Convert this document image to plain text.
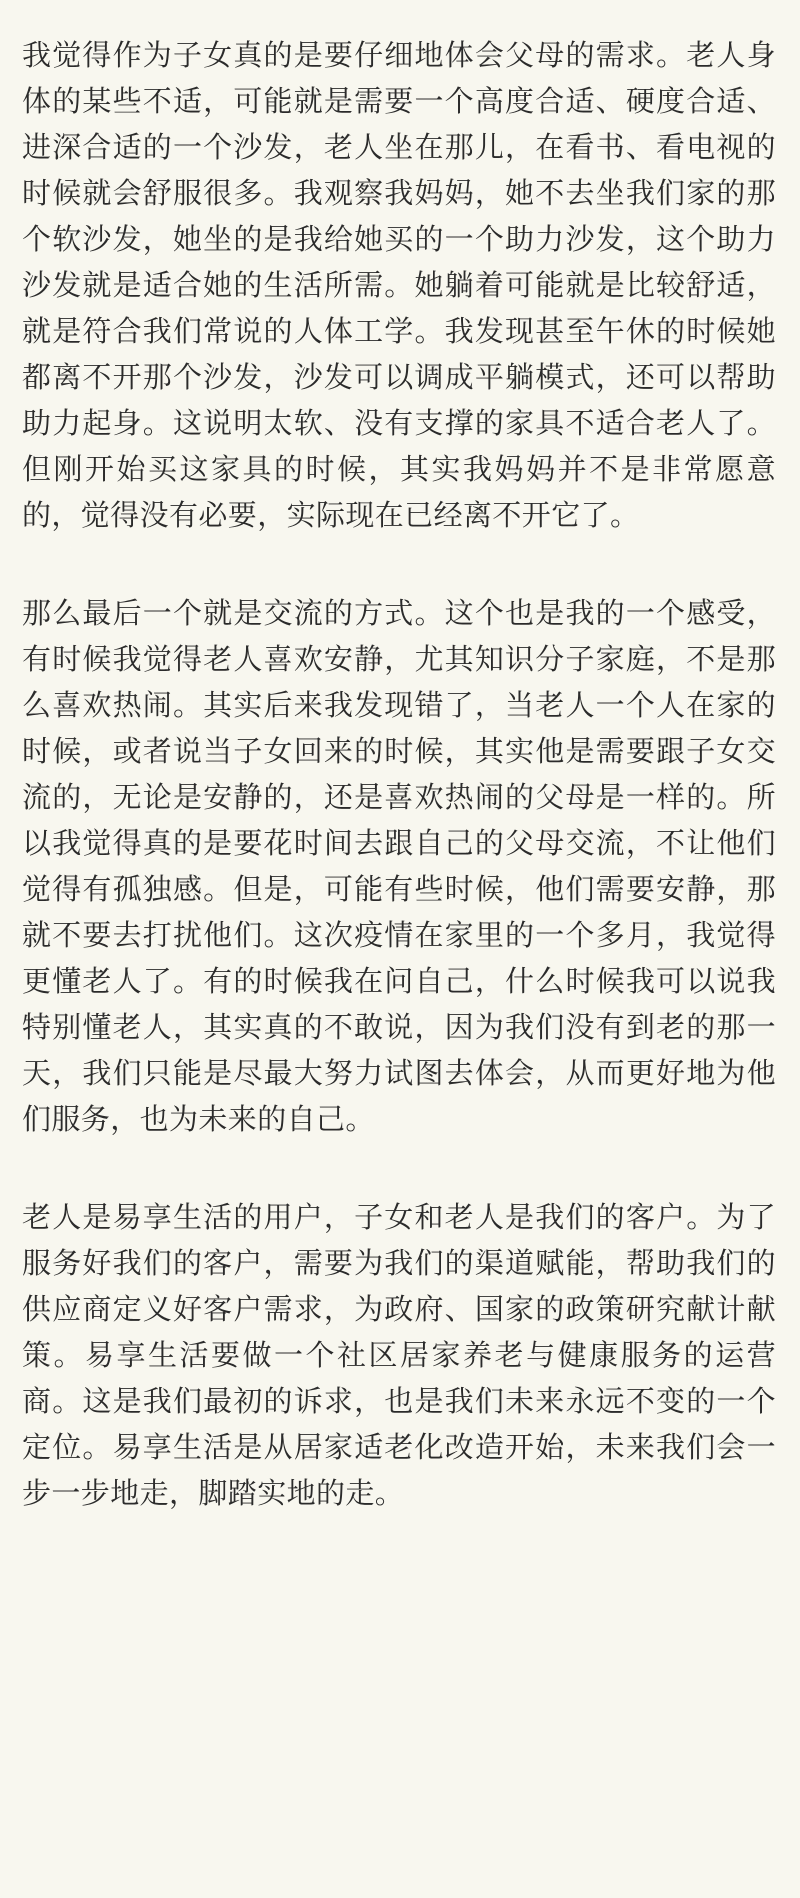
我觉得作为子女真的是要仔细地体会父母的需求。老人身体的某些不适，可能就是需要一个高度合适、硬度合适、进深合适的一个沙发，老人坐在那儿，在看书、看电视的时候就会舒服很多。我观察我妈妈，她不去坐我们家的那个软沙发，她坐的是我给她买的一个助力沙发，这个助力沙发就是适合她的生活所需。她躺着可能就是比较舒适，就是符合我们常说的人体工学。我发现甚至午休的时候她都离不开那个沙发，沙发可以调成平躺模式，还可以帮助助力起身。这说明太软、没有支撑的家具不适合老人了。但刚开始买这家具的时候，其实我妈妈并不是非常愿意的，觉得没有必要，实际现在已经离不开它了。

那么最后一个就是交流的方式。这个也是我的一个感受，有时候我觉得老人喜欢安静，尤其知识分子家庭，不是那么喜欢热闹。其实后来我发现错了，当老人一个人在家的时候，或者说当子女回来的时候，其实他是需要跟子女交流的，无论是安静的，还是喜欢热闹的父母是一样的。所以我觉得真的是要花时间去跟自己的父母交流，不让他们觉得有孤独感。但是，可能有些时候，他们需要安静，那就不要去打扰他们。这次疫情在家里的一个多月，我觉得更懂老人了。有的时候我在问自己，什么时候我可以说我特别懂老人，其实真的不敢说，因为我们没有到老的那一天，我们只能是尽最大努力试图去体会，从而更好地为他们服务，也为未来的自己。

老人是易享生活的用户，子女和老人是我们的客户。为了服务好我们的客户，需要为我们的渠道赋能，帮助我们的供应商定义好客户需求，为政府、国家的政策研究献计献策。易享生活要做一个社区居家养老与健康服务的运营商。这是我们最初的诉求，也是我们未来永远不变的一个定位。易享生活是从居家适老化改造开始，未来我们会一步一步地走，脚踏实地的走。
